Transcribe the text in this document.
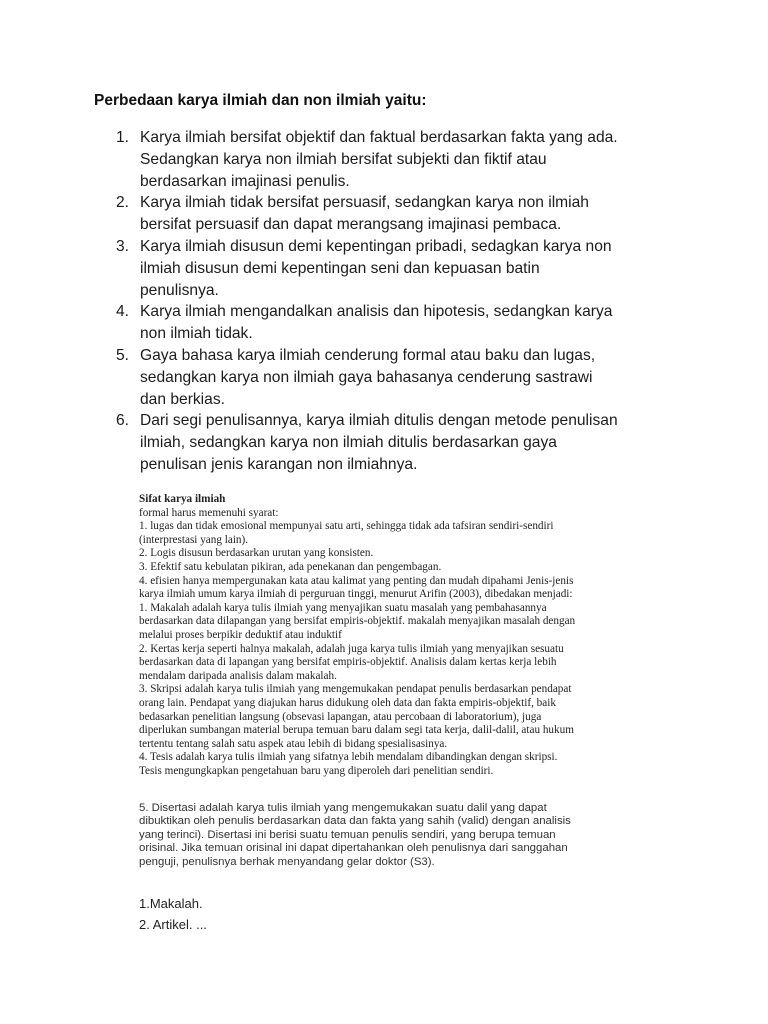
Perbedaan karya ilmiah dan non ilmiah yaitu:
1. Karya ilmiah bersifat objektif dan faktual berdasarkan fakta yang ada.
Sedangkan karya non ilmiah bersifat subjekti dan fiktif atau
berdasarkan imajinasi penulis.
2. Karya ilmiah tidak bersifat persuasif, sedangkan karya non ilmiah
bersifat persuasif dan dapat merangsang imajinasi pembaca.
3. Karya ilmiah disusun demi kepentingan pribadi, sedagkan karya non
ilmiah disusun demi kepentingan seni dan kepuasan batin
penulisnya.
4. Karya ilmiah mengandalkan analisis dan hipotesis, sedangkan karya
non ilmiah tidak.
5. Gaya bahasa karya ilmiah cenderung formal atau baku dan lugas,
sedangkan karya non ilmiah gaya bahasanya cenderung sastrawi
dan berkias.
6. Dari segi penulisannya, karya ilmiah ditulis dengan metode penulisan
ilmiah, sedangkan karya non ilmiah ditulis berdasarkan gaya
penulisan jenis karangan non ilmiahnya.
Sifat karya ilmiah
formal harus memenuhi syarat:
1. lugas dan tidak emosional mempunyai satu arti, sehingga tidak ada tafsiran sendiri-sendiri
(interprestasi yang lain).
2. Logis disusun berdasarkan urutan yang konsisten.
3. Efektif satu kebulatan pikiran, ada penekanan dan pengembagan.
4. efisien hanya mempergunakan kata atau kalimat yang penting dan mudah dipahami Jenis-jenis
karya ilmiah umum karya ilmiah di perguruan tinggi, menurut Arifin (2003), dibedakan menjadi:
1. Makalah adalah karya tulis ilmiah yang menyajikan suatu masalah yang pembahasannya
berdasarkan data dilapangan yang bersifat empiris-objektif. makalah menyajikan masalah dengan
melalui proses berpikir deduktif atau induktif
2. Kertas kerja seperti halnya makalah, adalah juga karya tulis ilmiah yang menyajikan sesuatu
berdasarkan data di lapangan yang bersifat empiris-objektif. Analisis dalam kertas kerja lebih
mendalam daripada analisis dalam makalah.
3. Skripsi adalah karya tulis ilmiah yang mengemukakan pendapat penulis berdasarkan pendapat
orang lain. Pendapat yang diajukan harus didukung oleh data dan fakta empiris-objektif, baik
bedasarkan penelitian langsung (obsevasi lapangan, atau percobaan di laboratorium), juga
diperlukan sumbangan material berupa temuan baru dalam segi tata kerja, dalil-dalil, atau hukum
tertentu tentang salah satu aspek atau lebih di bidang spesialisasinya.
4. Tesis adalah karya tulis ilmiah yang sifatnya lebih mendalam dibandingkan dengan skripsi.
Tesis mengungkapkan pengetahuan baru yang diperoleh dari penelitian sendiri.
5. Disertasi adalah karya tulis ilmiah yang mengemukakan suatu dalil yang dapat
dibuktikan oleh penulis berdasarkan data dan fakta yang sahih (valid) dengan analisis
yang terinci). Disertasi ini berisi suatu temuan penulis sendiri, yang berupa temuan
orisinal. Jika temuan orisinal ini dapat dipertahankan oleh penulisnya dari sanggahan
penguji, penulisnya berhak menyandang gelar doktor (S3).
1.Makalah.
2. Artikel. ...
